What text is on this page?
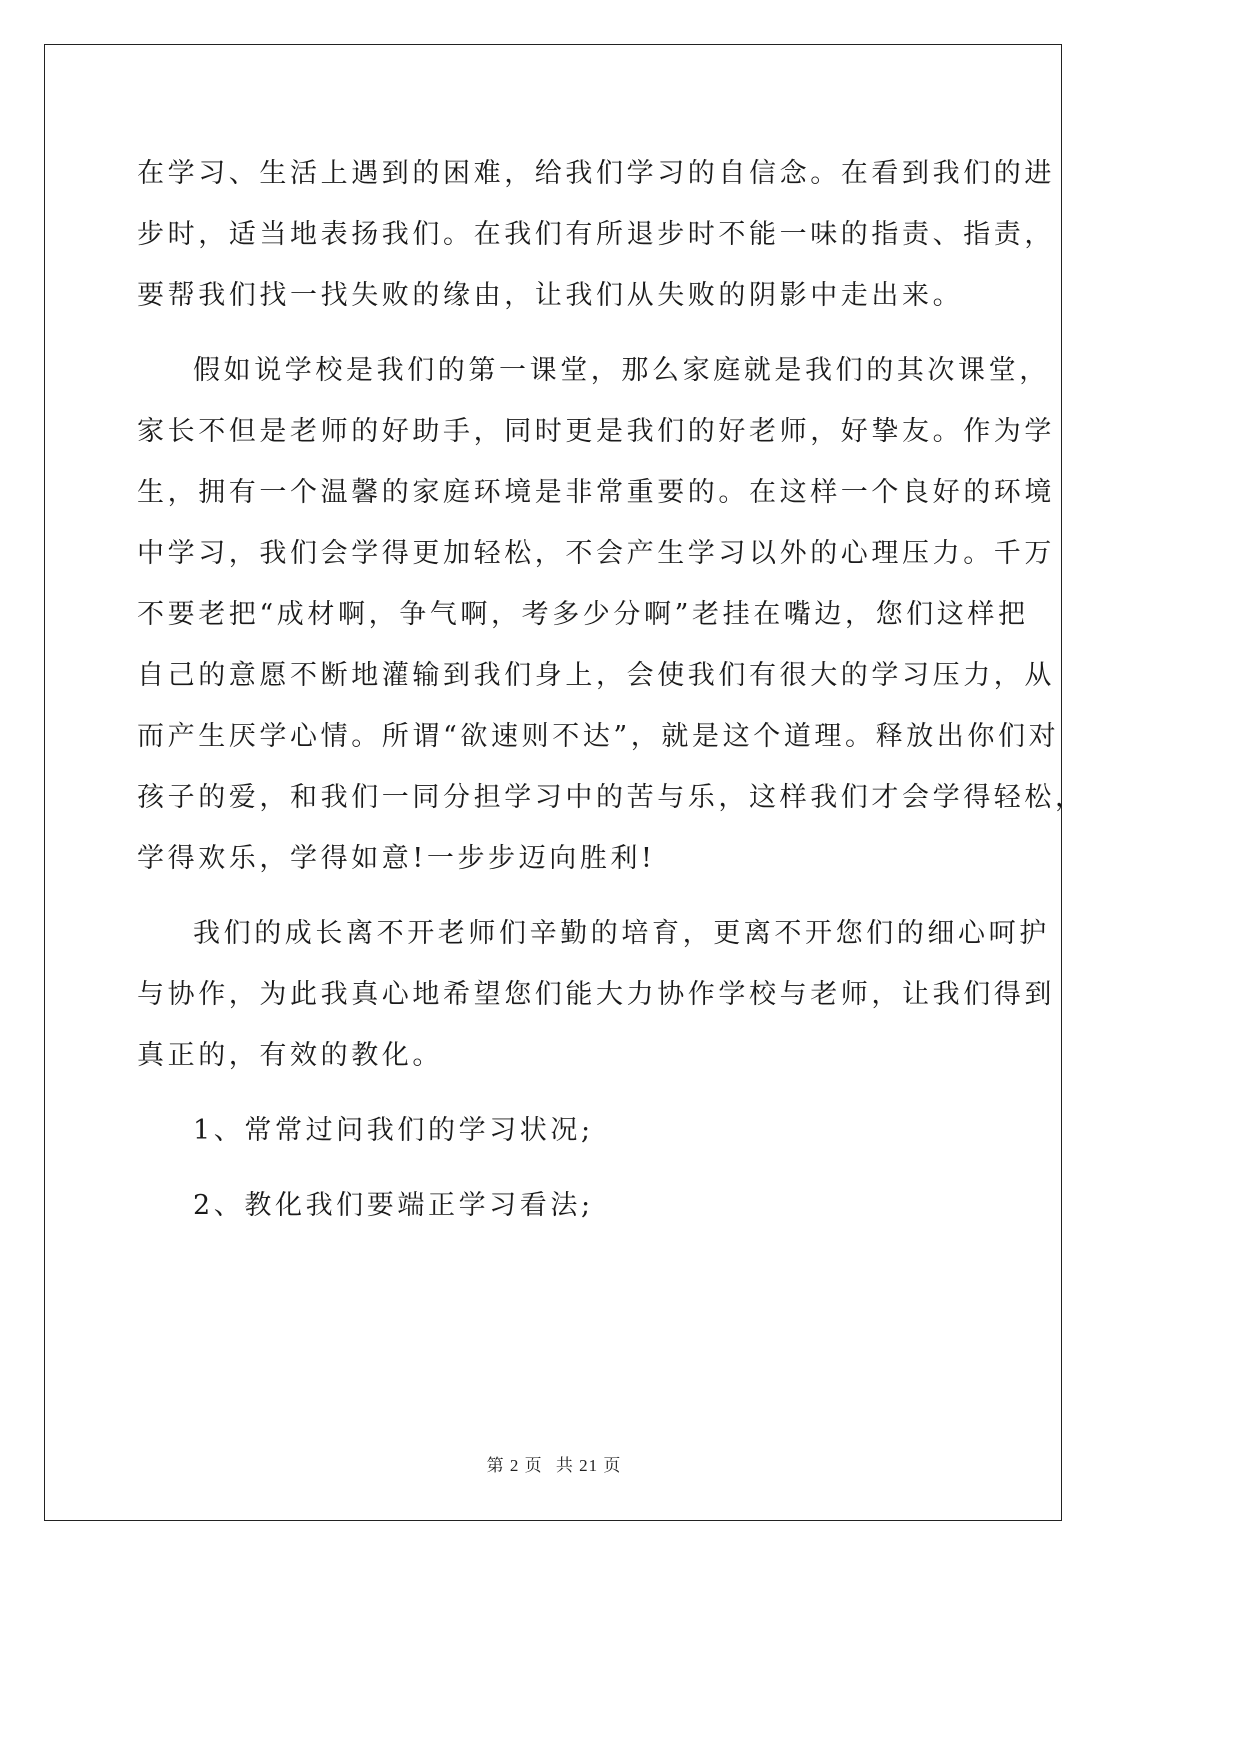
在学习、生活上遇到的困难，给我们学习的自信念。在看到我们的进
步时，适当地表扬我们。在我们有所退步时不能一味的指责、指责，
要帮我们找一找失败的缘由，让我们从失败的阴影中走出来。
假如说学校是我们的第一课堂，那么家庭就是我们的其次课堂，
家长不但是老师的好助手，同时更是我们的好老师，好挚友。作为学
生，拥有一个温馨的家庭环境是非常重要的。在这样一个良好的环境
中学习，我们会学得更加轻松，不会产生学习以外的心理压力。千万
不要老把“成材啊，争气啊，考多少分啊”老挂在嘴边，您们这样把
自己的意愿不断地灌输到我们身上，会使我们有很大的学习压力，从
而产生厌学心情。所谓“欲速则不达”，就是这个道理。释放出你们对
孩子的爱，和我们一同分担学习中的苦与乐，这样我们才会学得轻松，
学得欢乐，学得如意!一步步迈向胜利!
我们的成长离不开老师们辛勤的培育，更离不开您们的细心呵护
与协作，为此我真心地希望您们能大力协作学校与老师，让我们得到
真正的，有效的教化。
1、常常过问我们的学习状况;
2、教化我们要端正学习看法;
第 2 页 共 21 页
